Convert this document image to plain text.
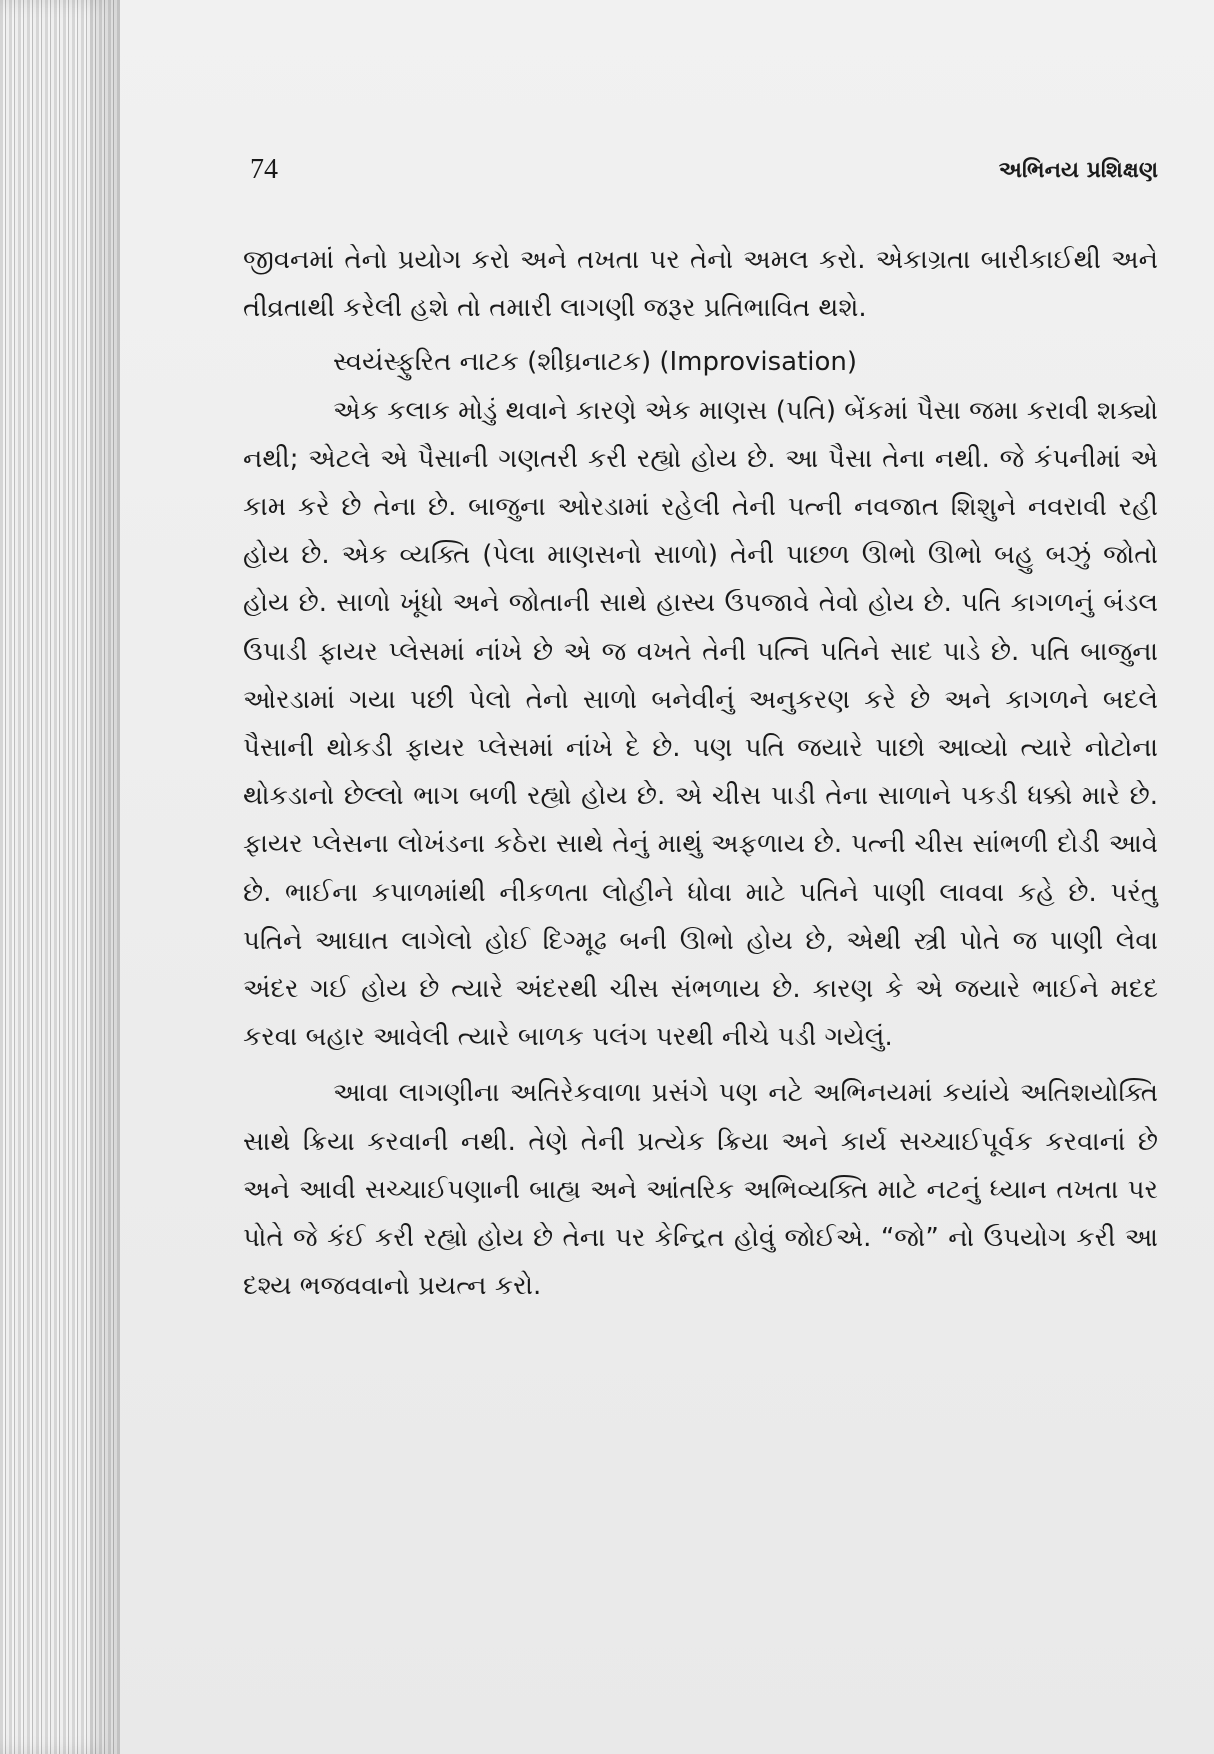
74	અભિનય પ્રશિક્ષણ

જીવનમાં તેનો પ્રયોગ કરો અને તખતા પર તેનો અમલ કરો. એકાગ્રતા બારીકાઈથી અને તીવ્રતાથી કરેલી હશે તો તમારી લાગણી જરૂર પ્રતિભાવિત થશે.

સ્વયંસ્ફુરિત નાટક (શીઘ્રનાટક) (Improvisation)

એક કલાક મોડું થવાને કારણે એક માણસ (પતિ) બેંકમાં પૈસા જમા કરાવી શક્યો નથી; એટલે એ પૈસાની ગણતરી કરી રહ્યો હોય છે. આ પૈસા તેના નથી. જે કંપનીમાં એ કામ કરે છે તેના છે. બાજુના ઓરડામાં રહેલી તેની પત્ની નવજાત શિશુને નવરાવી રહી હોય છે. એક વ્યક્તિ (પેલા માણસનો સાળો) તેની પાછળ ઊભો ઊભો બહુ બઝું જોતો હોય છે. સાળો ખૂંધો અને જોતાની સાથે હાસ્ય ઉપજાવે તેવો હોય છે. પતિ કાગળનું બંડલ ઉપાડી ફાયર પ્લેસમાં નાંખે છે એ જ વખતે તેની પત્નિ પતિને સાદ પાડે છે. પતિ બાજુના ઓરડામાં ગયા પછી પેલો તેનો સાળો બનેવીનું અનુકરણ કરે છે અને કાગળને બદલે પૈસાની થોકડી ફાયર પ્લેસમાં નાંખે દે છે. પણ પતિ જયારે પાછો આવ્યો ત્યારે નોટોના થોકડાનો છેલ્લો ભાગ બળી રહ્યો હોય છે. એ ચીસ પાડી તેના સાળાને પકડી ધક્કો મારે છે. ફાયર પ્લેસના લોખંડના કઠેરા સાથે તેનું માથું અફળાય છે. પત્ની ચીસ સાંભળી દોડી આવે છે. ભાઈના કપાળમાંથી નીકળતા લોહીને ધોવા માટે પતિને પાણી લાવવા કહે છે. પરંતુ પતિને આઘાત લાગેલો હોઈ દિગ્મૂઢ બની ઊભો હોય છે, એથી સ્ત્રી પોતે જ પાણી લેવા અંદર ગઈ હોય છે ત્યારે અંદરથી ચીસ સંભળાય છે. કારણ કે એ જયારે ભાઈને મદદ કરવા બહાર આવેલી ત્યારે બાળક પલંગ પરથી નીચે પડી ગયેલું.

આવા લાગણીના અતિરેકવાળા પ્રસંગે પણ નટે અભિનયમાં કયાંયે અતિશયોક્તિ સાથે ક્રિયા કરવાની નથી. તેણે તેની પ્રત્યેક ક્રિયા અને કાર્ય સચ્ચાઈપૂર્વક કરવાનાં છે અને આવી સચ્ચાઈપણાની બાહ્ય અને આંતરિક અભિવ્યક્તિ માટે નટનું ધ્યાન તખતા પર પોતે જે કંઈ કરી રહ્યો હોય છે તેના પર કેન્દ્રિત હોવું જોઈએ. “જો” નો ઉપયોગ કરી આ દશ્ય ભજવવાનો પ્રયત્ન કરો.
